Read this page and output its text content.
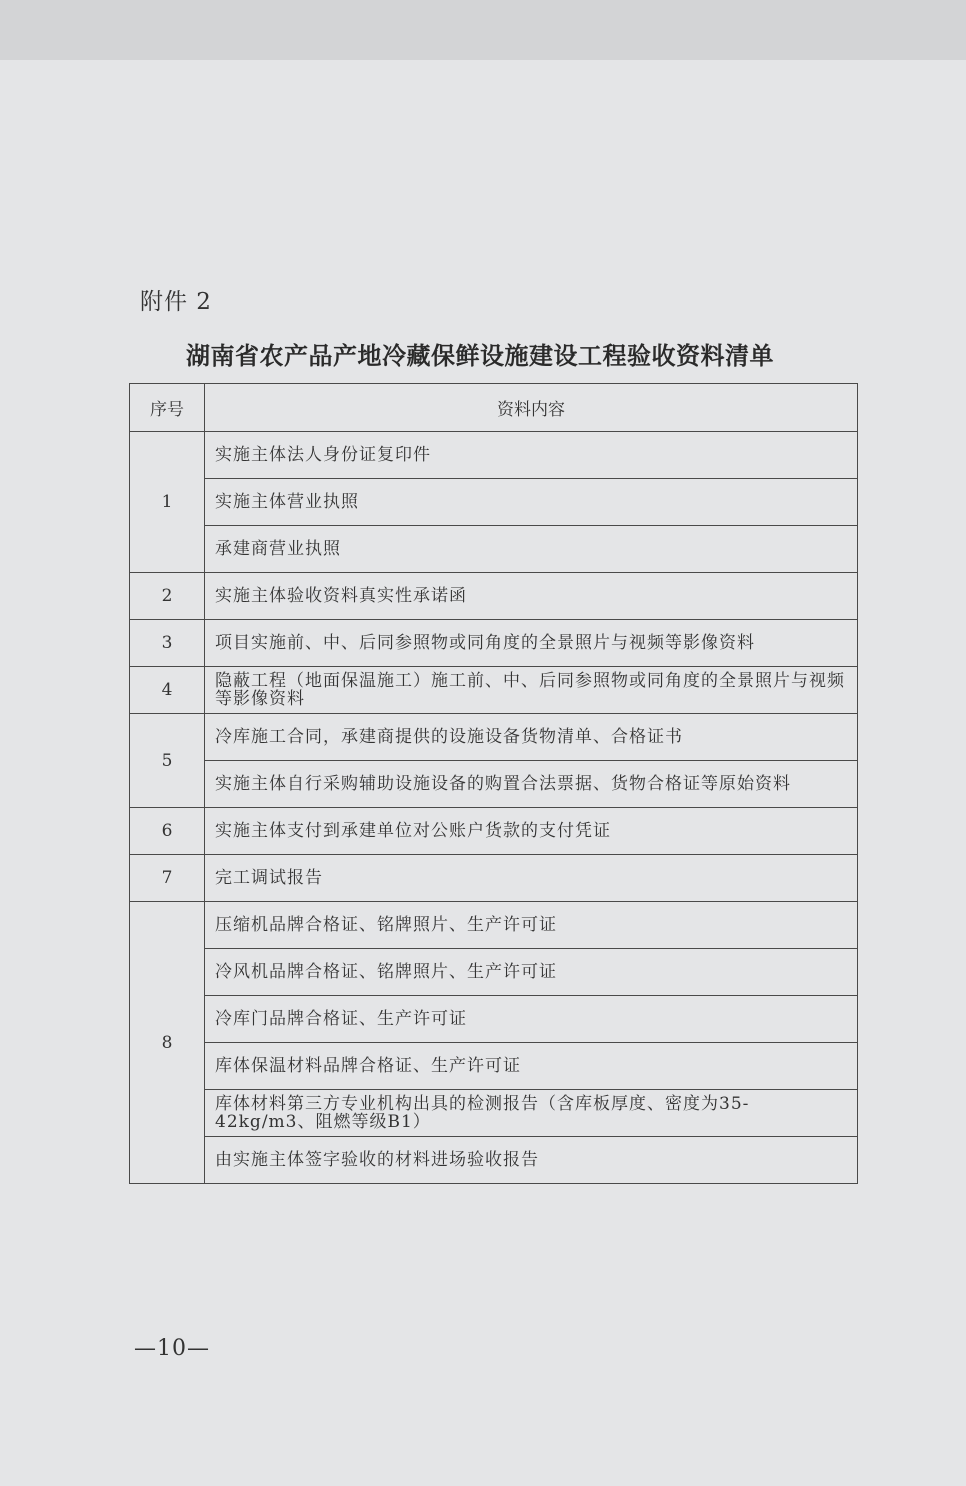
附件 2
湖南省农产品产地冷藏保鲜设施建设工程验收资料清单
序号	资料内容
1	实施主体法人身份证复印件
	实施主体营业执照
	承建商营业执照
2	实施主体验收资料真实性承诺函
3	项目实施前、中、后同参照物或同角度的全景照片与视频等影像资料
4	隐蔽工程（地面保温施工）施工前、中、后同参照物或同角度的全景照片与视频等影像资料
5	冷库施工合同，承建商提供的设施设备货物清单、合格证书
	实施主体自行采购辅助设施设备的购置合法票据、货物合格证等原始资料
6	实施主体支付到承建单位对公账户货款的支付凭证
7	完工调试报告
8	压缩机品牌合格证、铭牌照片、生产许可证
	冷风机品牌合格证、铭牌照片、生产许可证
	冷库门品牌合格证、生产许可证
	库体保温材料品牌合格证、生产许可证
	库体材料第三方专业机构出具的检测报告（含库板厚度、密度为35-42kg/m3、阻燃等级B1）
	由实施主体签字验收的材料进场验收报告
—10—
